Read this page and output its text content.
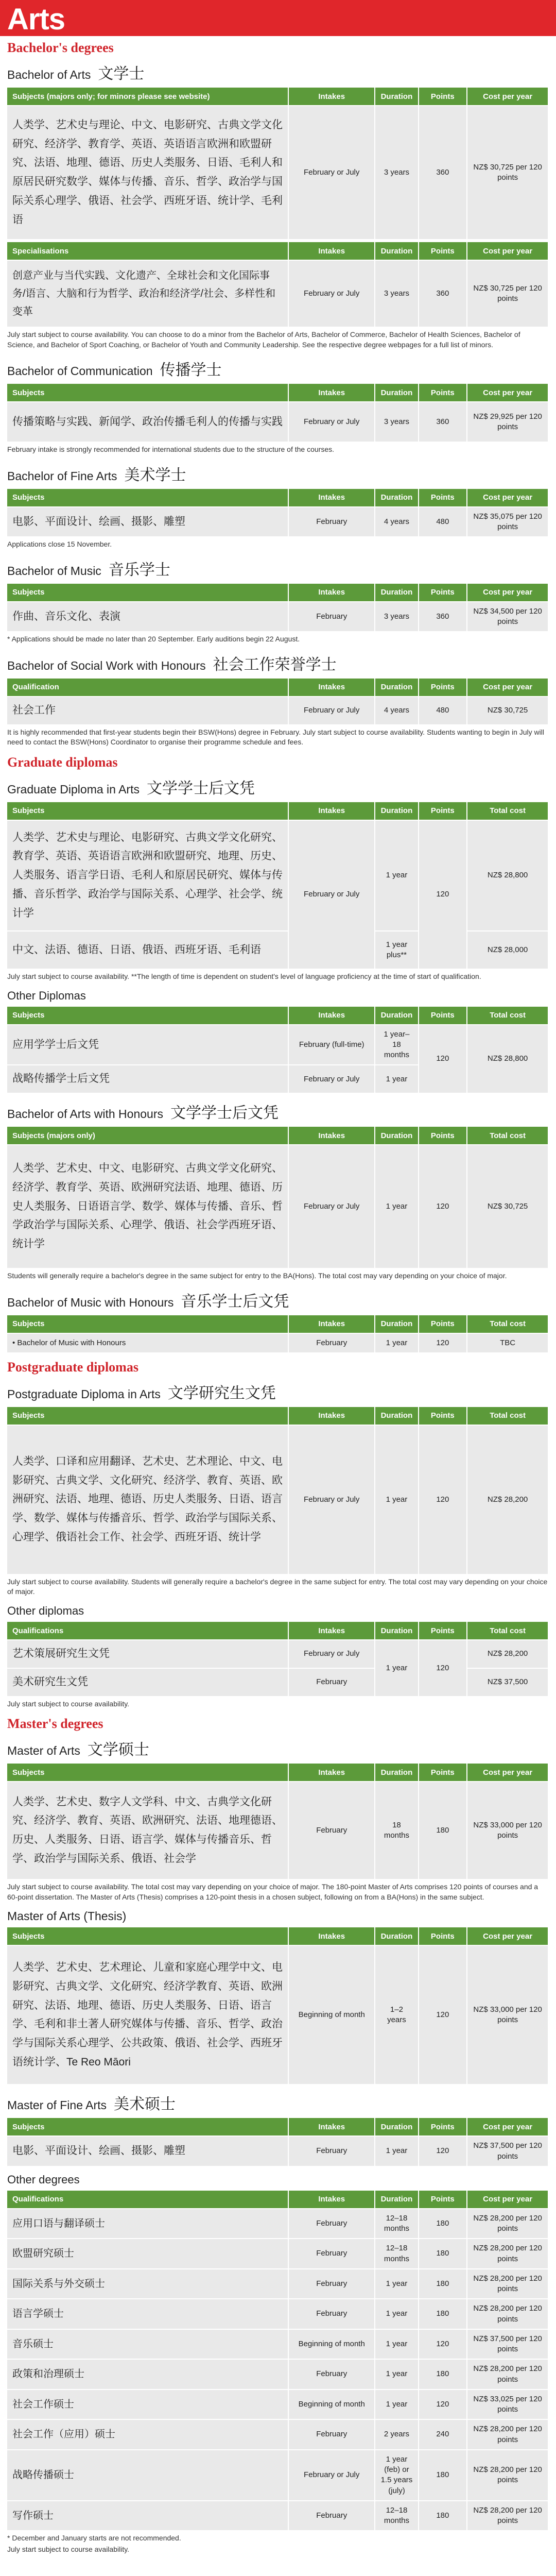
Arts
Bachelor's degrees
Bachelor of Arts 文学士
Subjects (majors only; for minors please see website)	Intakes	Duration	Points	Cost per year
人类学、艺术史与理论、中文、电影研究、古典文学文化研究、经济学、教育学、英语、英语语言欧洲和欧盟研究、法语、地理、德语、历史人类服务、日语、毛利人和原居民研究数学、媒体与传播、音乐、哲学、政治学与国际关系心理学、俄语、社会学、西班牙语、统计学、毛利语	February or July	3 years	360	NZ$ 30,725 per 120 points
Specialisations	Intakes	Duration	Points	Cost per year
创意产业与当代实践、文化遗产、全球社会和文化国际事务/语言、大脑和行为哲学、政治和经济学/社会、多样性和变革	February or July	3 years	360	NZ$ 30,725 per 120 points
July start subject to course availability. You can choose to do a minor from the Bachelor of Arts, Bachelor of Commerce, Bachelor of Health Sciences, Bachelor of Science, and Bachelor of Sport Coaching, or Bachelor of Youth and Community Leadership. See the respective degree webpages for a full list of minors.
Bachelor of Communication 传播学士
Subjects	Intakes	Duration	Points	Cost per year
传播策略与实践、新闻学、政治传播毛利人的传播与实践	February or July	3 years	360	NZ$ 29,925 per 120 points
February intake is strongly recommended for international students due to the structure of the courses.
Bachelor of Fine Arts 美术学士
Subjects	Intakes	Duration	Points	Cost per year
电影、平面设计、绘画、摄影、雕塑	February	4 years	480	NZ$ 35,075 per 120 points
Applications close 15 November.
Bachelor of Music 音乐学士
Subjects	Intakes	Duration	Points	Cost per year
作曲、音乐文化、表演	February	3 years	360	NZ$ 34,500 per 120 points
* Applications should be made no later than 20 September. Early auditions begin 22 August.
Bachelor of Social Work with Honours 社会工作荣誉学士
Qualification	Intakes	Duration	Points	Cost per year
社会工作	February or July	4 years	480	NZ$ 30,725
It is highly recommended that first-year students begin their BSW(Hons) degree in February. July start subject to course availability. Students wanting to begin in July will need to contact the BSW(Hons) Coordinator to organise their programme schedule and fees.
Graduate diplomas
Graduate Diploma in Arts 文学学士后文凭
Subjects	Intakes	Duration	Points	Total cost
人类学、艺术史与理论、电影研究、古典文学文化研究、教育学、英语、英语语言欧洲和欧盟研究、地理、历史、人类服务、语言学日语、毛利人和原居民研究、媒体与传播、音乐哲学、政治学与国际关系、心理学、社会学、统计学	February or July	1 year	120	NZ$ 28,800
中文、法语、德语、日语、俄语、西班牙语、毛利语		1 year plus**		NZ$ 28,000
July start subject to course availability. **The length of time is dependent on student's level of language proficiency at the time of start of qualification.
Other Diplomas
Subjects	Intakes	Duration	Points	Total cost
应用学学士后文凭	February (full-time)	1 year–18 months	120	NZ$ 28,800
战略传播学士后文凭	February or July	1 year		
Bachelor of Arts with Honours 文学学士后文凭
Subjects (majors only)	Intakes	Duration	Points	Total cost
人类学、艺术史、中文、电影研究、古典文学文化研究、经济学、教育学、英语、欧洲研究法语、地理、德语、历史人类服务、日语语言学、数学、媒体与传播、音乐、哲学政治学与国际关系、心理学、俄语、社会学西班牙语、统计学	February or July	1 year	120	NZ$ 30,725
Students will generally require a bachelor's degree in the same subject for entry to the BA(Hons). The total cost may vary depending on your choice of major.
Bachelor of Music with Honours 音乐学士后文凭
Subjects	Intakes	Duration	Points	Total cost
• Bachelor of Music with Honours	February	1 year	120	TBC
Postgraduate diplomas
Postgraduate Diploma in Arts 文学研究生文凭
Subjects	Intakes	Duration	Points	Total cost
人类学、口译和应用翻译、艺术史、艺术理论、中文、电影研究、古典文学、文化研究、经济学、教育、英语、欧洲研究、法语、地理、德语、历史人类服务、日语、语言学、数学、媒体与传播音乐、哲学、政治学与国际关系、心理学、俄语社会工作、社会学、西班牙语、统计学	February or July	1 year	120	NZ$ 28,200
July start subject to course availability. Students will generally require a bachelor's degree in the same subject for entry. The total cost may vary depending on your choice of major.
Other diplomas
Qualifications	Intakes	Duration	Points	Total cost
艺术策展研究生文凭	February or July	1 year	120	NZ$ 28,200
美术研究生文凭	February			NZ$ 37,500
July start subject to course availability.
Master's degrees
Master of Arts 文学硕士
Subjects	Intakes	Duration	Points	Cost per year
人类学、艺术史、数字人文学科、中文、古典学文化研究、经济学、教育、英语、欧洲研究、法语、地理德语、历史、人类服务、日语、语言学、媒体与传播音乐、哲学、政治学与国际关系、俄语、社会学	February	18 months	180	NZ$ 33,000 per 120 points
July start subject to course availability. The total cost may vary depending on your choice of major. The 180-point Master of Arts comprises 120 points of courses and a 60-point dissertation. The Master of Arts (Thesis) comprises a 120-point thesis in a chosen subject, following on from a BA(Hons) in the same subject.
Master of Arts (Thesis)
Subjects	Intakes	Duration	Points	Cost per year
人类学、艺术史、艺术理论、儿童和家庭心理学中文、电影研究、古典文学、文化研究、经济学教育、英语、欧洲研究、法语、地理、德语、历史人类服务、日语、语言学、毛利和非土著人研究媒体与传播、音乐、哲学、政治学与国际关系心理学、公共政策、俄语、社会学、西班牙语统计学、Te Reo Māori	Beginning of month	1–2 years	120	NZ$ 33,000 per 120 points
Master of Fine Arts 美术硕士
Subjects	Intakes	Duration	Points	Cost per year
电影、平面设计、绘画、摄影、雕塑	February	1 year	120	NZ$ 37,500 per 120 points
Other degrees
Qualifications	Intakes	Duration	Points	Cost per year
应用口语与翻译硕士	February	12–18 months	180	NZ$ 28,200 per 120 points
欧盟研究硕士	February	12–18 months	180	NZ$ 28,200 per 120 points
国际关系与外交硕士	February	1 year	180	NZ$ 28,200 per 120 points
语言学硕士	February	1 year	180	NZ$ 28,200 per 120 points
音乐硕士	Beginning of month	1 year	120	NZ$ 37,500 per 120 points
政策和治理硕士	February	1 year	180	NZ$ 28,200 per 120 points
社会工作硕士	Beginning of month	1 year	120	NZ$ 33,025 per 120 points
社会工作（应用）硕士	February	2 years	240	NZ$ 28,200 per 120 points
战略传播硕士	February or July	1 year (feb) or 1.5 years (july)	180	NZ$ 28,200 per 120 points
写作硕士	February	12–18 months	180	NZ$ 28,200 per 120 points
* December and January starts are not recommended.
July start subject to course availability.
